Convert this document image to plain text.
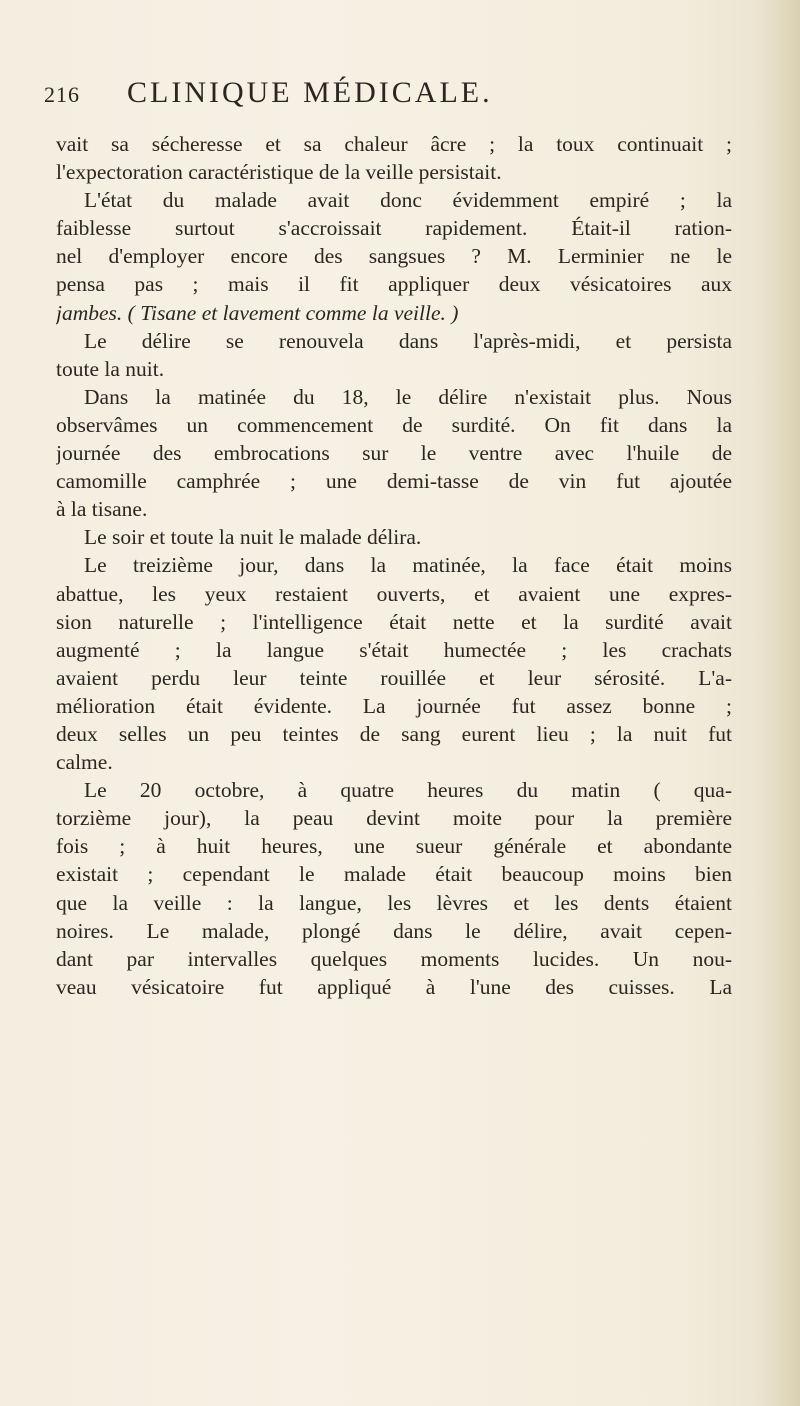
216 CLINIQUE MÉDICALE.
vait sa sécheresse et sa chaleur âcre ; la toux continuait ;
l'expectoration caractéristique de la veille persistait.
L'état du malade avait donc évidemment empiré ; la
faiblesse surtout s'accroissait rapidement. Était-il ration-
nel d'employer encore des sangsues ? M. Lerminier ne le
pensa pas ; mais il fit appliquer deux vésicatoires aux
jambes. ( Tisane et lavement comme la veille. )
Le délire se renouvela dans l'après-midi, et persista
toute la nuit.
Dans la matinée du 18, le délire n'existait plus. Nous
observâmes un commencement de surdité. On fit dans la
journée des embrocations sur le ventre avec l'huile de
camomille camphrée ; une demi-tasse de vin fut ajoutée
à la tisane.
Le soir et toute la nuit le malade délira.
Le treizième jour, dans la matinée, la face était moins
abattue, les yeux restaient ouverts, et avaient une expres-
sion naturelle ; l'intelligence était nette et la surdité avait
augmenté ; la langue s'était humectée ; les crachats
avaient perdu leur teinte rouillée et leur sérosité. L'a-
mélioration était évidente. La journée fut assez bonne ;
deux selles un peu teintes de sang eurent lieu ; la nuit fut
calme.
Le 20 octobre, à quatre heures du matin ( qua-
torzième jour), la peau devint moite pour la première
fois ; à huit heures, une sueur générale et abondante
existait ; cependant le malade était beaucoup moins bien
que la veille : la langue, les lèvres et les dents étaient
noires. Le malade, plongé dans le délire, avait cepen-
dant par intervalles quelques moments lucides. Un nou-
veau vésicatoire fut appliqué à l'une des cuisses. La
